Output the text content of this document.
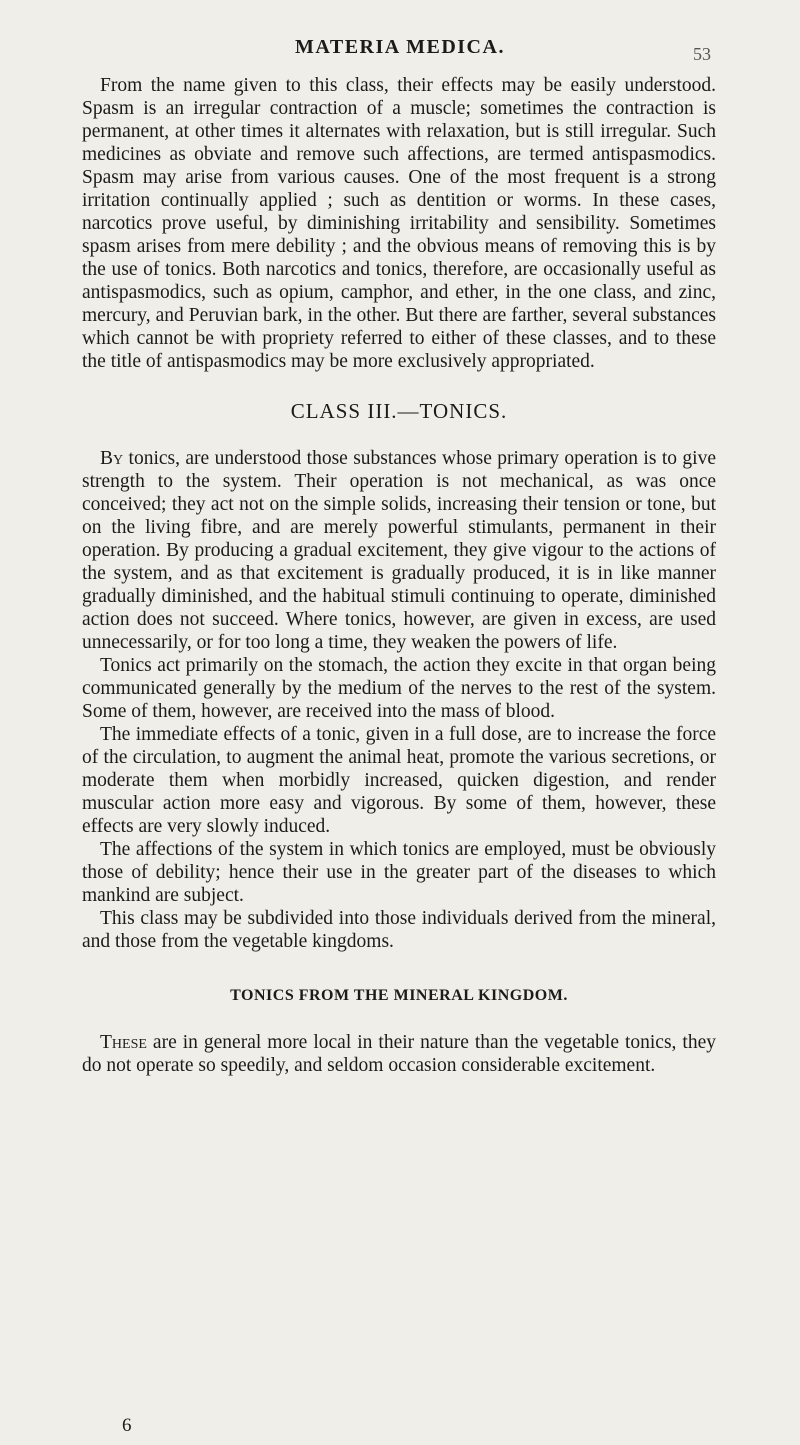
MATERIA MEDICA.	53

From the name given to this class, their effects may be easily understood. Spasm is an irregular contraction of a muscle; sometimes the contraction is permanent, at other times it alternates with relaxation, but is still irregular. Such medicines as obviate and remove such affections, are termed antispasmodics. Spasm may arise from various causes. One of the most frequent is a strong irritation continually applied ; such as dentition or worms. In these cases, narcotics prove useful, by diminishing irritability and sensibility. Sometimes spasm arises from mere debility ; and the obvious means of removing this is by the use of tonics. Both narcotics and tonics, therefore, are occasionally useful as antispasmodics, such as opium, camphor, and ether, in the one class, and zinc, mercury, and Peruvian bark, in the other. But there are farther, several substances which cannot be with propriety referred to either of these classes, and to these the title of antispasmodics may be more exclusively appropriated.

CLASS III.—TONICS.

By tonics, are understood those substances whose primary operation is to give strength to the system. Their operation is not mechanical, as was once conceived; they act not on the simple solids, increasing their tension or tone, but on the living fibre, and are merely powerful stimulants, permanent in their operation. By producing a gradual excitement, they give vigour to the actions of the system, and as that excitement is gradually produced, it is in like manner gradually diminished, and the habitual stimuli continuing to operate, diminished action does not succeed. Where tonics, however, are given in excess, are used unnecessarily, or for too long a time, they weaken the powers of life.

Tonics act primarily on the stomach, the action they excite in that organ being communicated generally by the medium of the nerves to the rest of the system. Some of them, however, are received into the mass of blood.

The immediate effects of a tonic, given in a full dose, are to increase the force of the circulation, to augment the animal heat, promote the various secretions, or moderate them when morbidly increased, quicken digestion, and render muscular action more easy and vigorous. By some of them, however, these effects are very slowly induced.

The affections of the system in which tonics are employed, must be obviously those of debility; hence their use in the greater part of the diseases to which mankind are subject.

This class may be subdivided into those individuals derived from the mineral, and those from the vegetable kingdoms.

TONICS FROM THE MINERAL KINGDOM.

These are in general more local in their nature than the vegetable tonics, they do not operate so speedily, and seldom occasion considerable excitement.

6
